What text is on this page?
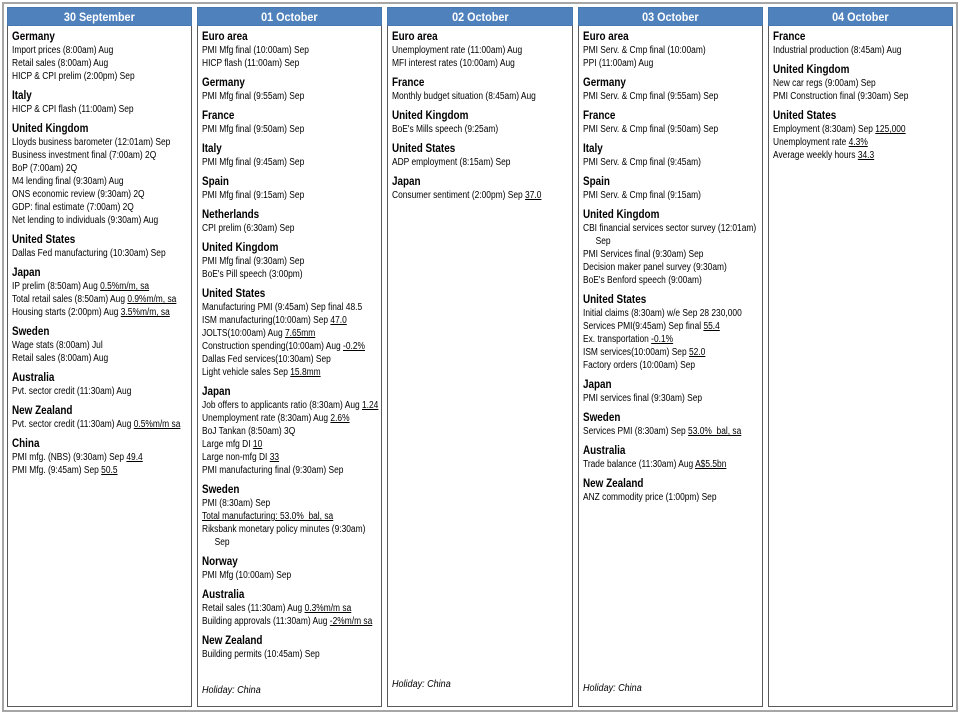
30 September
Germany
Import prices (8:00am) Aug
Retail sales (8:00am) Aug
HICP & CPI prelim (2:00pm) Sep
Italy
HICP & CPI flash (11:00am) Sep
United Kingdom
Lloyds business barometer (12:01am) Sep
Business investment final (7:00am) 2Q
BoP (7:00am) 2Q
M4 lending final (9:30am) Aug
ONS economic review (9:30am) 2Q
GDP: final estimate (7:00am) 2Q
Net lending to individuals (9:30am) Aug
United States
Dallas Fed manufacturing (10:30am) Sep
Japan
IP prelim (8:50am) Aug 0.5%m/m, sa
Total retail sales (8:50am) Aug 0.9%m/m, sa
Housing starts (2:00pm) Aug 3.5%m/m, sa
Sweden
Wage stats (8:00am) Jul
Retail sales (8:00am) Aug
Australia
Pvt. sector credit (11:30am) Aug
New Zealand
Pvt. sector credit (11:30am) Aug 0.5%m/m sa
China
PMI mfg. (NBS) (9:30am) Sep 49.4
PMI Mfg. (9:45am) Sep 50.5
01 October
Euro area
PMI Mfg final (10:00am) Sep
HICP flash (11:00am) Sep
Germany
PMI Mfg final (9:55am) Sep
France
PMI Mfg final (9:50am) Sep
Italy
PMI Mfg final (9:45am) Sep
Spain
PMI Mfg final (9:15am) Sep
Netherlands
CPI prelim (6:30am) Sep
United Kingdom
PMI Mfg final (9:30am) Sep
BoE's Pill speech (3:00pm)
United States
Manufacturing PMI (9:45am) Sep final 48.5
ISM manufacturing(10:00am) Sep 47.0
JOLTS(10:00am) Aug 7.65mm
Construction spending(10:00am) Aug -0.2%
Dallas Fed services(10:30am) Sep
Light vehicle sales Sep 15.8mm
Japan
Job offers to applicants ratio (8:30am) Aug 1.24
Unemployment rate (8:30am) Aug 2.6%
BoJ Tankan (8:50am) 3Q
Large mfg DI 10
Large non-mfg DI 33
PMI manufacturing final (9:30am) Sep
Sweden
PMI (8:30am) Sep
Total manufacturing: 53.0%  bal, sa
Riksbank monetary policy minutes (9:30am)
Sep
Norway
PMI Mfg (10:00am) Sep
Australia
Retail sales (11:30am) Aug 0.3%m/m sa
Building approvals (11:30am) Aug -2%m/m sa
New Zealand
Building permits (10:45am) Sep
Holiday: China
02 October
Euro area
Unemployment rate (11:00am) Aug
MFI interest rates (10:00am) Aug
France
Monthly budget situation (8:45am) Aug
United Kingdom
BoE's Mills speech (9:25am)
United States
ADP employment (8:15am) Sep
Japan
Consumer sentiment (2:00pm) Sep 37.0
Holiday: China
03 October
Euro area
PMI Serv. & Cmp final (10:00am)
PPI (11:00am) Aug
Germany
PMI Serv. & Cmp final (9:55am) Sep
France
PMI Serv. & Cmp final (9:50am) Sep
Italy
PMI Serv. & Cmp final (9:45am)
Spain
PMI Serv. & Cmp final (9:15am)
United Kingdom
CBI financial services sector survey (12:01am)
Sep
PMI Services final (9:30am) Sep
Decision maker panel survey (9:30am)
BoE's Benford speech (9:00am)
United States
Initial claims (8:30am) w/e Sep 28 230,000
Services PMI(9:45am) Sep final 55.4
Ex. transportation -0.1%
ISM services(10:00am) Sep 52.0
Factory orders (10:00am) Sep
Japan
PMI services final (9:30am) Sep
Sweden
Services PMI (8:30am) Sep 53.0%  bal, sa
Australia
Trade balance (11:30am) Aug A$5.5bn
New Zealand
ANZ commodity price (1:00pm) Sep
Holiday: China
04 October
France
Industrial production (8:45am) Aug
United Kingdom
New car regs (9:00am) Sep
PMI Construction final (9:30am) Sep
United States
Employment (8:30am) Sep 125,000
Unemployment rate 4.3%
Average weekly hours 34.3
